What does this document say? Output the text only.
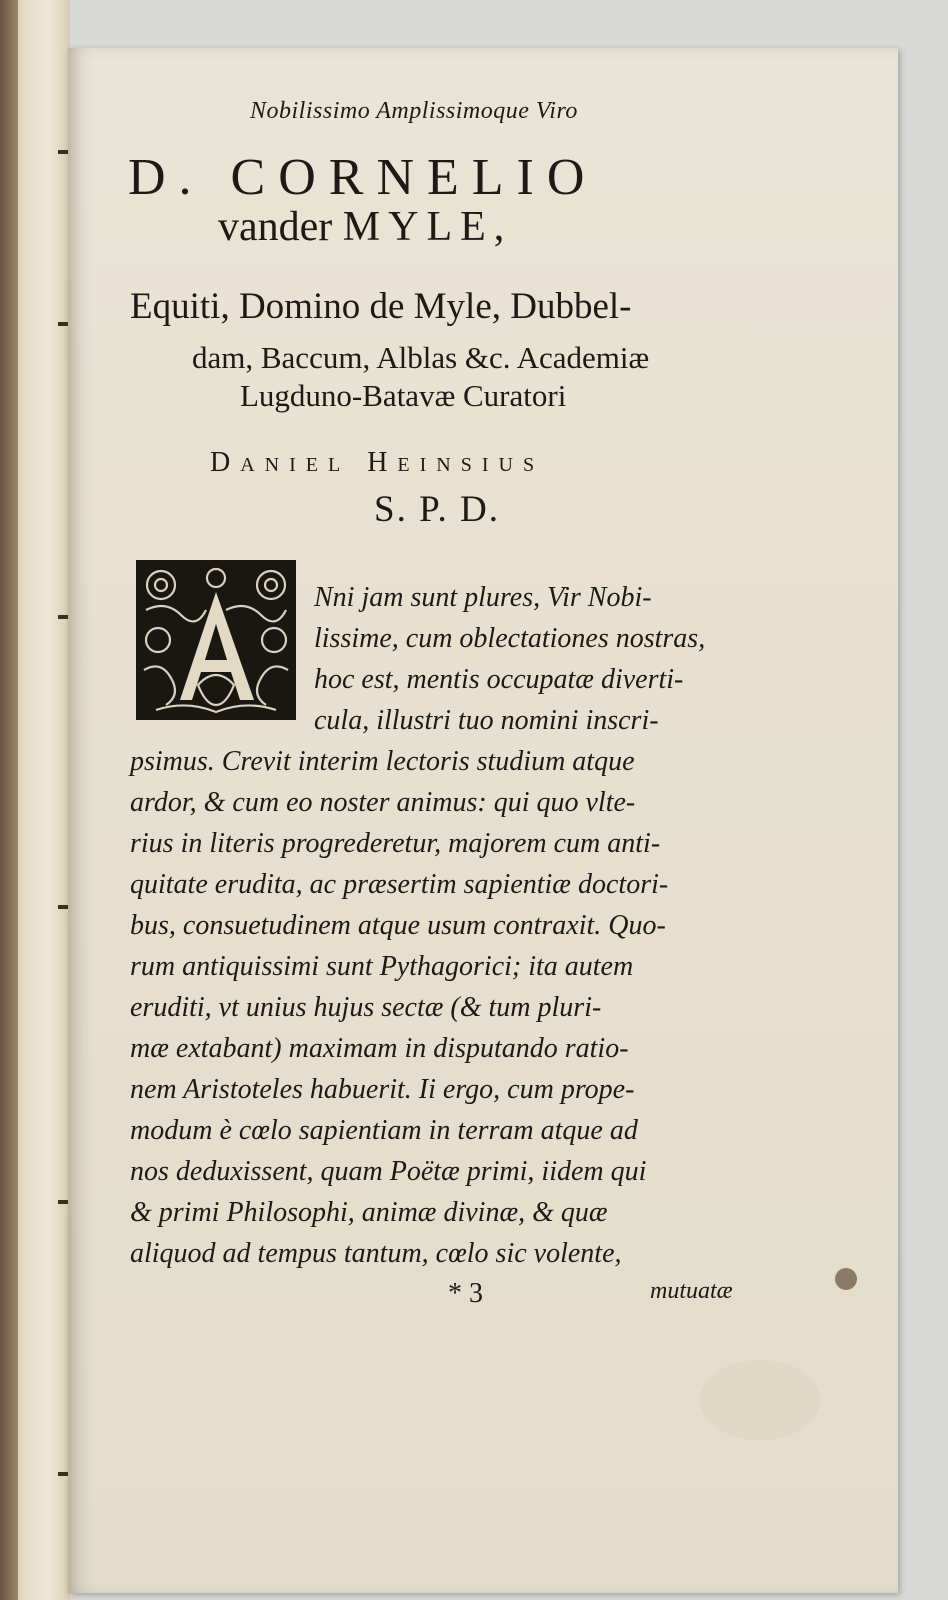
Nobilissimo Amplissimoque Viro
D. CORNELIO
vander MYLE,
Equiti, Domino de Myle, Dubbel-
dam, Baccum, Alblas &c. Academiæ
Lugduno-Batavæ Curatori
Daniel Heinsius
S. P. D.
Nni jam sunt plures, Vir Nobi-
lissime, cum oblectationes nostras,
hoc est, mentis occupatæ diverti-
cula, illustri tuo nomini inscri-
psimus. Crevit interim lectoris studium atque
ardor, & cum eo noster animus: qui quo vlte-
rius in literis progrederetur, majorem cum anti-
quitate erudita, ac præsertim sapientiæ doctori-
bus, consuetudinem atque usum contraxit. Quo-
rum antiquissimi sunt Pythagorici; ita autem
eruditi, vt unius hujus sectæ (& tum pluri-
mæ extabant) maximam in disputando ratio-
nem Aristoteles habuerit. Ii ergo, cum prope-
modum è cœlo sapientiam in terram atque ad
nos deduxissent, quam Poëtæ primi, iidem qui
& primi Philosophi, animæ divinæ, & quæ
aliquod ad tempus tantum, cœlo sic volente,
* 3	mutuatæ
